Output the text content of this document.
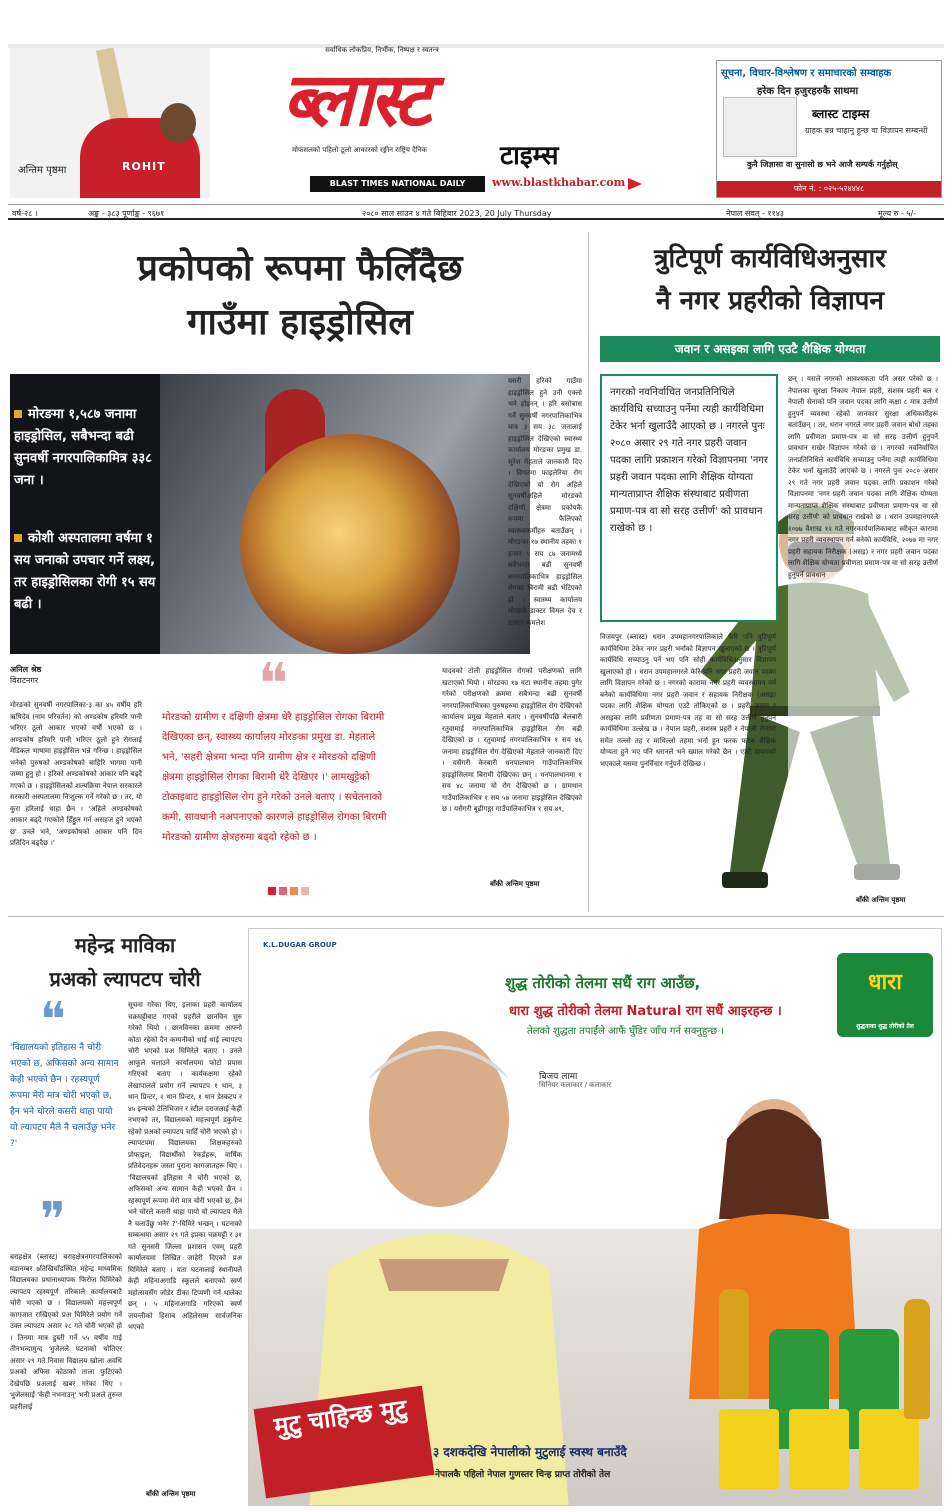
ROHIT
अन्तिम पृष्ठमा
सर्वाधिक लोकप्रिय, निर्भीक, निष्पक्ष र स्वतन्त्र
ब्लास्ट
मोफसलको पहिलो ठूलो आकारको रङ्गीन राष्ट्रिय दैनिक	टाइम्स
BLAST TIMES NATIONAL DAILY	www.blastkhabar.com
सूचना, विचार-विश्लेषण र समाचारको सम्वाहक
हरेक दिन हजुरहरुकै साथमा
ब्लास्ट टाइम्स
ग्राहक बन्न चाहानु हुन्छ वा विज्ञापन सम्बन्धी
कुनै जिज्ञासा वा सुनासो छ भने आजै सम्पर्क गर्नुहोस्
फोन नं. : ०२५-५२४४४८
वर्ष-२८ ।	अङ्क - ३८३ पूर्णाङ्क - ९६७१	२०८० साल साउन ४ गते बिहिबार 2023, 20 July Thursday	नेपाल संवत् - ११४३	मूल्य रु - ५/-
प्रकोपको रूपमा फैलिँदैछ
गाउँमा हाइड्रोसिल
मोरङमा १,५८७ जनामा हाइड्रोसिल, सबैभन्दा बढी सुनवर्षी नगरपालिकामित्र ३३८ जना ।
कोशी अस्पतालमा वर्षमा १ सय जनाको उपचार गर्ने लक्ष्य, तर हाइड्रोसिलका रोगी १५ सय बढी ।
अनिल श्रेष्ठ
विराटनगर
मोरङको सुनवर्षी नगरपालिका-३ का ४५ वर्षीय हरि ऋषिदेव (नाम परिवर्तन) को अण्डकोष हरियरि पानी भरिएर ठूलो आकार भएको वर्षौं भएको छ । अण्डकोष हरियरि पानी भरिएर ठूलो हुने रोगलाई मेडिकल भाषामा हाइड्रोसिल भन्ने गरिन्छ । हाइड्रोसिल भनेको पुरुषको अण्डकोषको बाहिरि भागमा पानी जम्मा हुनु हो । हरिको अण्डकोषको आकार पनि बढ्दै गएको छ । हाइड्रोसिलको शल्यक्रिया नेपाल सरकारले सरकारी अस्पतालमा निःशुल्क गर्ने गरेको छ । तर, यो कुरा हरिलाई थाहा छैन । 'अहिले अण्डकोषको आकार बढ्दै गएकोले हिँड्डुल गर्न असहज हुने भएको छ' उनले भने, 'अण्डकोषको आकार पनि दिन प्रतिदिन बढ्दैछ ।'
❝
मोरङको ग्रामीण र दक्षिणी क्षेत्रमा धेरै हाइड्रोसिल रोगका बिरामी देखिएका छन्, स्वास्थ्य कार्यालय मोरङका प्रमुख डा. मेहताले भने, 'सहरी क्षेत्रमा भन्दा पनि ग्रामीण क्षेत्र र मोरङको दक्षिणी क्षेत्रमा हाइड्रोसिल रोगका बिरामी धेरै देखिएर ।' लामखुट्टेको टोकाइबाट हाइड्रोसिल रोग हुने गरेको उनले बताए । सचेतनाको कमी, सावधानी नअपनाएको कारणले हाइड्रोसिल रोगका बिरामी मोरङको ग्रामीण क्षेत्रहरुमा बढ्दो रहेको छ ।
यसरी हरिको गाउँमा हाइड्रोसिल हुने उनी एक्लो भने होइनन् । हरि बसोबास गर्ने सुनवर्षी नगरपालिकाभित्र मात्र ३ सय ३८ जनालाई हाइड्रोसिल देखिएको स्वास्थ्य कार्यालय मोरङका प्रमुख डा. सुरेश मेहताले जानकारी दिए । विगतमा फाइलेरिया रोग देखिएको यो रोग अहिले सुनवर्षीअहिले मोरङको दक्षिणी क्षेत्रमा प्रकोपकै रूपमा फैलिएको स्वास्थ्यकर्मीहरु बताउँछन् । मोरङका १७ स्थानीय तहका १ हजार ५ सय ८७ जनामध्ये सबैभन्दा बढी सुनवर्षी नगरपालिकाभित्र हाइड्रोसिल रोगका बिरामी बढी भेटिएको हो । स्वास्थ्य कार्यालय मोरङले डाक्टर विमल देव र डाक्टर कमलेश
यादवको टोली हाइड्रोसिल रोगको परीक्षणको लागि खटाएको थियो । मोरङका १७ वटा स्थानीय तहमा पुगेर गरेको परीक्षणको क्रममा सबैभन्दा बढी सुनवर्षी नगरपालिकाभित्रका पुरुषहरुमा हाइड्रोसिल रोग देखिएको कार्यालय प्रमुख मेहताले बताए । सुनवर्षीपछि बेलबारी रतुवामाई नगरपालिकाभित्र हाइड्रोसिल रोग बढी देखिएको छ । रतुवामाई नगरपालिकाभित्र १ सय ४६ जनामा हाइड्रोसिल रोग देखिएको मेहताले जानकारी दिए । यसैगरी केरबारी धनपालथान गाउँपालिकाभित्र हाइड्रोसिलमा बिरामी देखिएका छन् । धनपालथानमा १ सय ४८ जनामा यो रोग देखिएको छ । ग्रामथान गाउँपालिकाभित्र १ सय ५७ जनामा हाइड्रोसिल देखिएको छ । यसैगरी बूढीगङ्गा गाउँपालिकाभित्र १ सय ४९,
बाँकी अन्तिम पृष्ठमा
त्रुटिपूर्ण कार्यविधिअनुसार
नै नगर प्रहरीको विज्ञापन
जवान र असइका लागि एउटै शैक्षिक योग्यता
नगरको नवनिर्वाचित जनप्रतिनिधिले कार्यविधि सच्याउनु पर्नेमा त्यही कार्यविधिमा टेकेर भर्ना खुलाउँदै आएको छ । नगरले पुनः २०८० असार २९ गते नगर प्रहरी जवान पदका लागि प्रकाशन गरेको विज्ञापनमा 'नगर प्रहरी जवान पदका लागि शैक्षिक योग्यता मान्यताप्राप्त शैक्षिक संस्थाबाट प्रवीणता प्रमाण-पत्र वा सो सरह उत्तीर्ण' को प्रावधान राखेको छ ।
विजयपुर (ब्लास्ट) धरान उपमहानगरपालिकाले फेरि पनि त्रुटिपूर्ण कार्यविधिमा टेकेर नगर प्रहरी भर्नाको विज्ञापन खुलाएको छ । त्रुटिपूर्ण कार्यविधि सच्याउनु पर्ने भए पनि सोही कार्यविधिअनुसार विज्ञापन खुलाएको हो । धरान उपमहानगरले फेरि पनि नगर प्रहरी जवान पदका लागि विज्ञापन गरेको छ । नगरको कारामा नगर प्रहरी व्यवस्थापन गर्न बनेको कार्यविधिमा नगर प्रहरी जवान र सहायक निरीक्षक (असइ) पदका लागि शैक्षिक योग्यता एउटै तोकिएको छ । प्रहरी जवान र असइका लागि प्रवीणता प्रमाण-पत्र तह वा सो सरह उत्तीर्ण हुनुपर्ने कार्यविधिमा उल्लेख छ । नेपाल प्रहरी, सशस्त्र प्रहरी र नेपाली सेनामा समेत तल्लो तह र माथिल्लो तहमा भर्ना हुन फरक फरक शैक्षिक योग्यता हुने भए पनि धरानले भने ख्याल गरेको छैन । एउटै दायराको भएकाले यसमा पुनर्विचार गर्नुपर्ने देखिन्छ ।
छन् । यसले नगरको आवश्यकता पनि असर परेको छ । नेपालका सुरक्षा निकाय नेपाल प्रहरी, सशस्त्र प्रहरी बल र नेपाली सेनाको पनि जवान पदका लागि कक्षा ८ मात्र उत्तीर्ण हुनुपर्ने व्यवस्था रहेको जानकार सुरक्षा अधिकारीहरू बताउँछन् । तर, धरान नगरले नगर प्रहरी जवान बोधो तहका लागि प्रवीणता प्रमाण-पत्र वा सो सरह उत्तीर्ण हुनुपर्ने प्रावधान राखेर विज्ञापन गरेको छ । नगरको नवनिर्वाचित जनप्रतिनिधिले कार्यविधि सच्याउनु पर्नेमा त्यही कार्यविधिमा टेकेर भर्ना खुलाउँदै आएको छ । नगरले पुनः २०८० असार २९ गते नगर प्रहरी जवान पदका लागि प्रकाशन गरेको विज्ञापनमा 'नगर प्रहरी जवान पदका लागि शैक्षिक योग्यता मान्यताप्राप्त शैक्षिक संस्थाबाट प्रवीणता प्रमाण-पत्र वा सो सरह उत्तीर्ण' को प्रावधान राखेको छ । धरान उपमहानगरले २०७७ वैशाख १२ गते नगरकार्यपालिकाबाट स्वीकृत कारामा नगर प्रहरी व्यवस्थापन गर्न बनेको कार्यविधि, २०७७ मा नगर प्रहरी सहायक निरीक्षक (असइ) र नगर प्रहरी जवान पदका लागि शैक्षिक योग्यता प्रवीणता प्रमाण-पत्र वा सो सरह उत्तीर्ण हुनुपर्ने प्रावधान
बाँकी अन्तिम पृष्ठमा
महेन्द्र माविका
प्रअको ल्यापटप चोरी
❝
'विद्यालयको इतिहास नै चोरी भएको छ, अफिसको अन्य सामान केही भएको छैन । रहस्यपूर्ण रूपमा मेरो मात्र चोरी भएको छ, हैन भने चोरले कसरी थाहा पायो यो ल्यापटप मैले नै चलाउँछु भनेर ?'
❞
बराहक्षेत्र (ब्लास्ट) बराहक्षेत्रनगरपालिकाको वडानम्बर ७तिखिचाँडस्थित महेन्द्र माध्यमिक विद्यालयका प्रधानाध्यापक फिरोज घिमिरेको ल्यापटप रहस्यपूर्ण तरिकाले कार्यालयबाटै चोरी भएको छ । विद्यालयको महत्त्वपूर्ण कागजात राखिएको प्रअ घिमिरेले प्रयोग गर्ने उक्त ल्यापटप असार २८ गते चोरी भएको हो । तिनमा मात्र डुब्ती गर्ने ५५ वर्षीय गाई तीनभन्दामुन्द भुजेलले घटनाको थोतिएर असार २९ गते निवास विद्यालय खोला अवधि प्रअको अफिस कोठाको ताला फुटिएको देखेपछि प्रअलाई खबर गरेका थिए । भुजेलसाई 'केही नभनाउन्' भनी प्रअले तुरुन्त प्रहरीलाई
सूचना गरेका थिए, इलाका प्रहरी कार्यालय चक्रघट्टीबाट गएको प्रहरीले छानविन सुरु गरेको थियो । छानविनका क्रममा आफ्नो कोठा रहेको दैन कम्पनीको थाई थाई ल्यापटप चोरी भएको प्रअ घिमिरेले बताए । उनले आफूले चलाउने कार्यालयमा फोटो प्रयास गरिएको बताए । कार्यकक्षमा रहेको लेखापालले प्रयोग गर्ने ल्यापटप १ थान, ३ थान प्रिन्टर, २ थान प्रिन्टर, १ थान डेस्कटप र ४५ इन्चको टेलिभिजन र स्टील दराजलाई केही नभएको तर, विद्यालयको महत्त्वपूर्ण डकुमेन्ट रहेको प्रअको ल्यापटप चाहिँ चोरी भएको हो । ल्यापटपमा विद्यालयका शिक्षकहरुको प्रोफाइल, विद्यार्थीको रेकर्डहरू, वार्षिक प्रतिवेदनहरू जस्ता पुराना कागजातहरू थिए । 'विद्यालयको इतिहास नै चोरी भएको छ, अफिसको अन्य सामान केही भएको छैन । रहस्यपूर्ण रूपमा मेरो मात्र चोरी भएको छ, हैन भने चोरले कसरी थाहा पायो यो ल्यापटप मैले नै चलाउँछु भनेर ?'-घिमिरे भन्छन् । घटनाको सम्बन्धमा असार २९ गते इप्रका चक्रघट्टी र ३१ गते सुनसरी जिल्ला प्रशासन एवम् प्रहरी कार्यालयमा लिखित जाहेरी दिएको प्रअ घिमिरेले बताए । यता घटनालाई स्थानीयले केही महिनाअगाडि स्कूलले बनाएको स्वर्ण महोत्सवसँग जोडेर टीका टिप्पणी गर्न थालेका छन् । ५ महिनाअगाडि गरिएको स्वर्ण जयन्तीको हिसाब अहिलेसम्म सार्वजनिक भएको
बाँकी अन्तिम पृष्ठमा
K.L.DUGAR GROUP
शुद्ध तोरीको तेलमा सधैं राग आउँछ,
धारा शुद्ध तोरीको तेलमा Natural राग सधैं आइरहन्छ ।
तेलको शुद्धता तपाईंले आफैं घुँडिर जाँच गर्न सक्नुहुन्छ ।
बिजय लामा
सिनियर कलाकार / कलाकार
धारा
शुद्धताका शुद्ध तोरीको तेल
मुटु चाहिन्छ मुटु
३ दशकदेखि नेपालीको मुटुलाई स्वस्थ बनाउँदै
नेपालकै पहिलो नेपाल गुणस्तर चिन्ह प्राप्त तोरीको तेल
